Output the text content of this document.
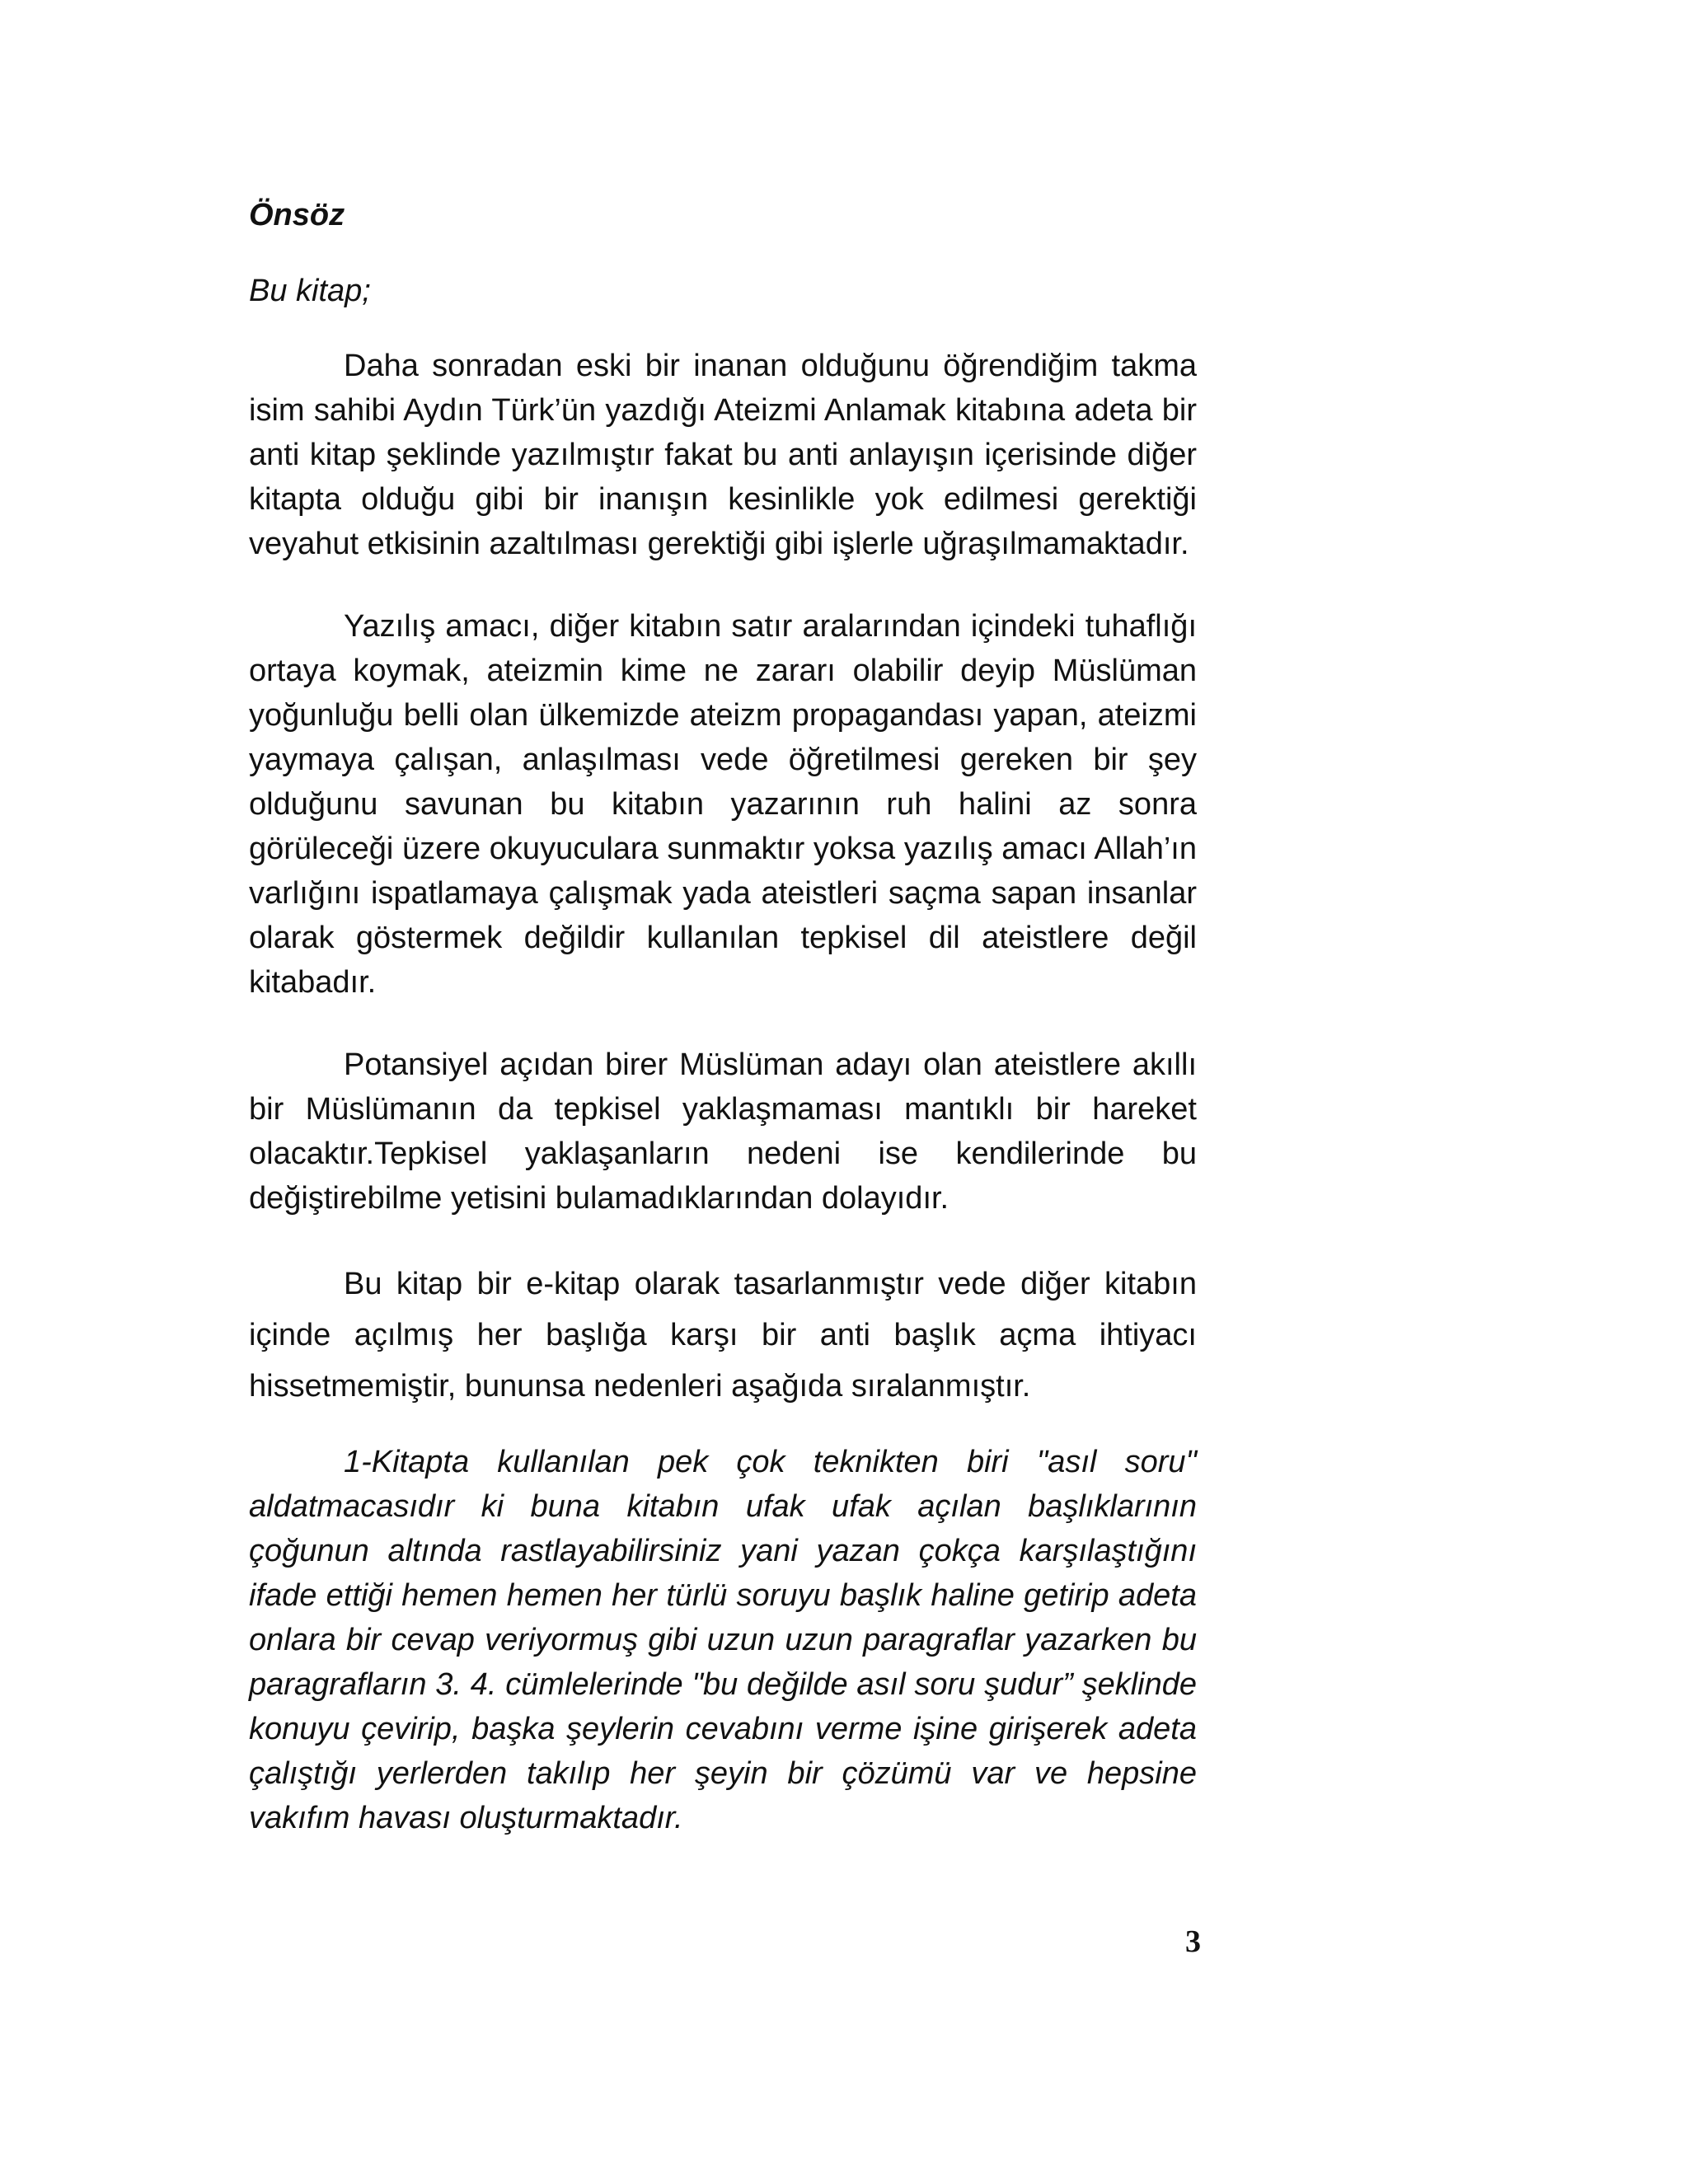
Önsöz

Bu kitap;

Daha sonradan eski bir inanan olduğunu öğrendiğim takma isim sahibi Aydın Türk’ün yazdığı Ateizmi Anlamak kitabına adeta bir anti kitap şeklinde yazılmıştır fakat bu anti anlayışın içerisinde diğer kitapta olduğu gibi bir inanışın kesinlikle yok edilmesi gerektiği veyahut etkisinin azaltılması gerektiği gibi işlerle uğraşılmamaktadır.

Yazılış amacı, diğer kitabın satır aralarından içindeki tuhaflığı ortaya koymak, ateizmin kime ne zararı olabilir deyip Müslüman yoğunluğu belli olan ülkemizde ateizm propagandası yapan, ateizmi yaymaya çalışan, anlaşılması vede öğretilmesi gereken bir şey olduğunu savunan bu kitabın yazarının ruh halini az sonra görüleceği üzere okuyuculara sunmaktır yoksa yazılış amacı Allah’ın varlığını ispatlamaya çalışmak yada ateistleri saçma sapan insanlar olarak göstermek değildir kullanılan tepkisel dil ateistlere değil kitabadır.

Potansiyel açıdan birer Müslüman adayı olan ateistlere akıllı bir Müslümanın da tepkisel yaklaşmaması mantıklı bir hareket olacaktır.Tepkisel yaklaşanların nedeni ise kendilerinde bu değiştirebilme yetisini bulamadıklarından dolayıdır.

Bu kitap bir e-kitap olarak tasarlanmıştır vede diğer kitabın içinde açılmış her başlığa karşı bir anti başlık açma ihtiyacı hissetmemiştir, bununsa nedenleri aşağıda sıralanmıştır.

1-Kitapta kullanılan pek çok teknikten biri "asıl soru" aldatmacasıdır ki buna kitabın ufak ufak açılan başlıklarının çoğunun altında rastlayabilirsiniz yani yazan çokça karşılaştığını ifade ettiği hemen hemen her türlü soruyu başlık haline getirip adeta onlara bir cevap veriyormuş gibi uzun uzun paragraflar yazarken bu paragrafların 3. 4. cümlelerinde "bu değilde asıl soru şudur” şeklinde konuyu çevirip, başka şeylerin cevabını verme işine girişerek adeta çalıştığı yerlerden takılıp her şeyin bir çözümü var ve hepsine vakıfım havası oluşturmaktadır.

3
